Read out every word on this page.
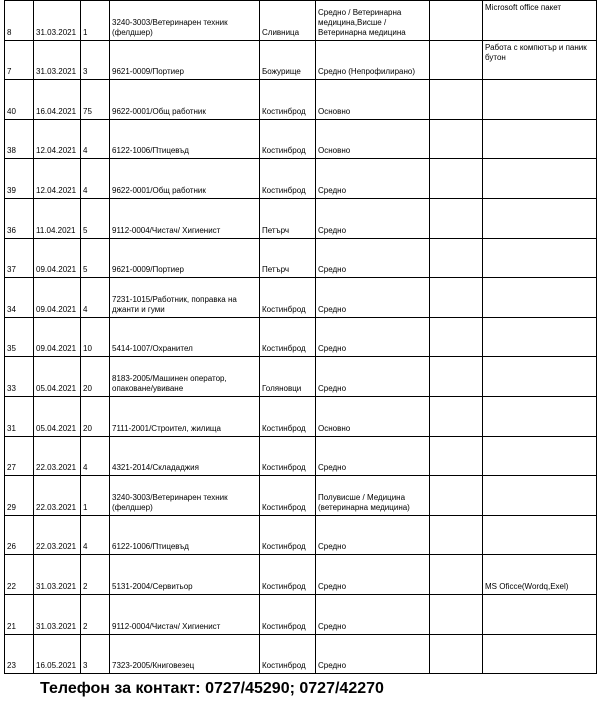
8	31.03.2021	1	3240-3003/Ветеринарен техник (фелдшер)	Сливница	Средно / Ветеринарна медицина,Висше / Ветеринарна медицина		Microsoft office пакет
7	31.03.2021	3	9621-0009/Портиер	Божурище	Средно (Непрофилирано)		Работа с компютър и паник бутон
40	16.04.2021	75	9622-0001/Общ работник	Костинброд	Основно		
38	12.04.2021	4	6122-1006/Птицевъд	Костинброд	Основно		
39	12.04.2021	4	9622-0001/Общ работник	Костинброд	Средно		
36	11.04.2021	5	9112-0004/Чистач/ Хигиенист	Петърч	Средно		
37	09.04.2021	5	9621-0009/Портиер	Петърч	Средно		
34	09.04.2021	4	7231-1015/Работник, поправка на джанти и гуми	Костинброд	Средно		
35	09.04.2021	10	5414-1007/Охранител	Костинброд	Средно		
33	05.04.2021	20	8183-2005/Машинен оператор, опаковане/увиване	Голяновци	Средно		
31	05.04.2021	20	7111-2001/Строител, жилища	Костинброд	Основно		
27	22.03.2021	4	4321-2014/Склададжия	Костинброд	Средно		
29	22.03.2021	1	3240-3003/Ветеринарен техник (фелдшер)	Костинброд	Полувисше / Медицина (ветеринарна медицина)		
26	22.03.2021	4	6122-1006/Птицевъд	Костинброд	Средно		
22	31.03.2021	2	5131-2004/Сервитьор	Костинброд	Средно		MS Oficce(Wordq,Exel)
21	31.03.2021	2	9112-0004/Чистач/ Хигиенист	Костинброд	Средно		
23	16.05.2021	3	7323-2005/Книговезец	Костинброд	Средно		
Телефон за контакт: 0727/45290; 0727/42270
